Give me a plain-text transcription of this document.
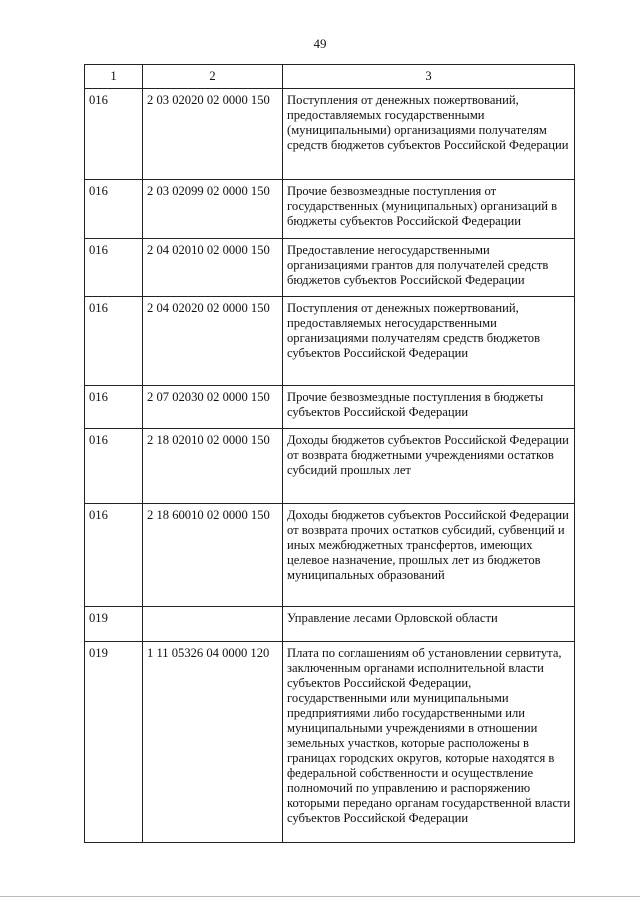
49
1	2	3
016	2 03 02020 02 0000 150	Поступления от денежных пожертвований, предоставляемых государственными (муниципальными) организациями получателям средств бюджетов субъектов Российской Федерации
016	2 03 02099 02 0000 150	Прочие безвозмездные поступления от государственных (муниципальных) организаций в бюджеты субъектов Российской Федерации
016	2 04 02010 02 0000 150	Предоставление негосударственными организациями грантов для получателей средств бюджетов субъектов Российской Федерации
016	2 04 02020 02 0000 150	Поступления от денежных пожертвований, предоставляемых негосударственными организациями получателям средств бюджетов субъектов Российской Федерации
016	2 07 02030 02 0000 150	Прочие безвозмездные поступления в бюджеты субъектов Российской Федерации
016	2 18 02010 02 0000 150	Доходы бюджетов субъектов Российской Федерации от возврата бюджетными учреждениями остатков субсидий прошлых лет
016	2 18 60010 02 0000 150	Доходы бюджетов субъектов Российской Федерации от возврата прочих остатков субсидий, субвенций и иных межбюджетных трансфертов, имеющих целевое назначение, прошлых лет из бюджетов муниципальных образований
019		Управление лесами Орловской области
019	1 11 05326 04 0000 120	Плата по соглашениям об установлении сервитута, заключенным органами исполнительной власти субъектов Российской Федерации, государственными или муниципальными предприятиями либо государственными или муниципальными учреждениями в отношении земельных участков, которые расположены в границах городских округов, которые находятся в федеральной собственности и осуществление полномочий по управлению и распоряжению которыми передано органам государственной власти субъектов Российской Федерации
